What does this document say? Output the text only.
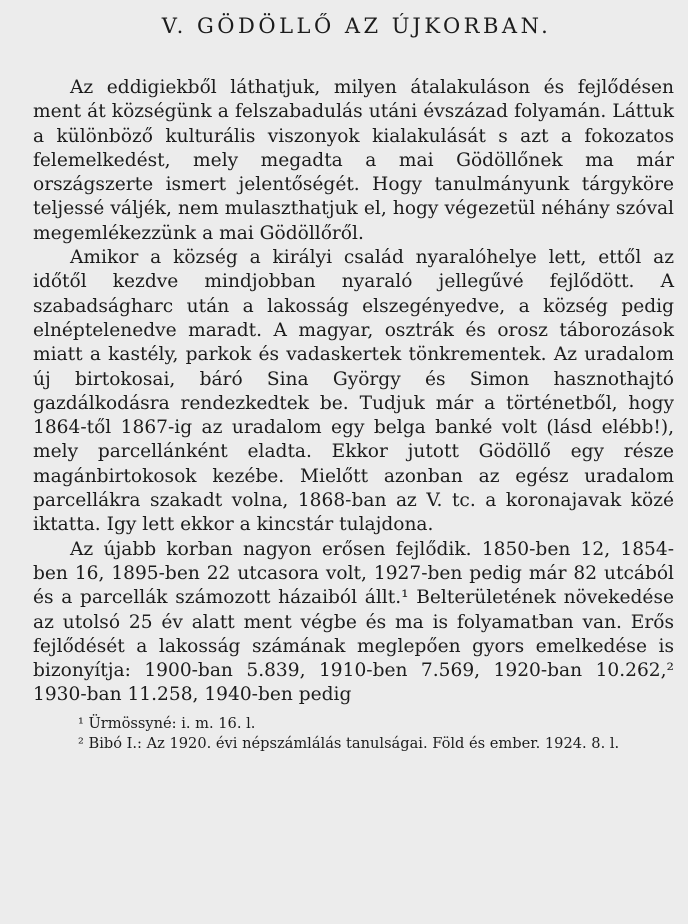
V. GÖDÖLLŐ AZ ÚJKORBAN.

Az eddigiekből láthatjuk, milyen átalakuláson és fejlődésen ment át községünk a felszabadulás utáni évszázad folyamán. Láttuk a különböző kulturális viszonyok kialakulását s azt a fokozatos felemelkedést, mely megadta a mai Gödöllőnek ma már országszerte ismert jelentőségét. Hogy tanulmányunk tárgyköre teljessé váljék, nem mulaszthatjuk el, hogy végezetül néhány szóval megemlékezzünk a mai Gödöllőről.

Amikor a község a királyi család nyaralóhelye lett, ettől az időtől kezdve mindjobban nyaraló jellegűvé fejlődött. A szabadságharc után a lakosság elszegényedve, a község pedig elnéptelenedve maradt. A magyar, osztrák és orosz táborozások miatt a kastély, parkok és vadaskertek tönkrementek. Az uradalom új birtokosai, báró Sina György és Simon hasznothajtó gazdálkodásra rendezkedtek be. Tudjuk már a történetből, hogy 1864-től 1867-ig az uradalom egy belga banké volt (lásd elébb!), mely parcellánként eladta. Ekkor jutott Gödöllő egy része magánbirtokosok kezébe. Mielőtt azonban az egész uradalom parcellákra szakadt volna, 1868-ban az V. tc. a koronajavak közé iktatta. Igy lett ekkor a kincstár tulajdona.

Az újabb korban nagyon erősen fejlődik. 1850-ben 12, 1854-ben 16, 1895-ben 22 utcasora volt, 1927-ben pedig már 82 utcából és a parcellák számozott házaiból állt.¹ Belterületének növekedése az utolsó 25 év alatt ment végbe és ma is folyamatban van. Erős fejlődését a lakosság számának meglepően gyors emelkedése is bizonyítja: 1900-ban 5.839, 1910-ben 7.569, 1920-ban 10.262,² 1930-ban 11.258, 1940-ben pedig

¹ Ürmössyné: i. m. 16. l.

² Bibó I.: Az 1920. évi népszámlálás tanulságai. Föld és ember. 1924. 8. l.
